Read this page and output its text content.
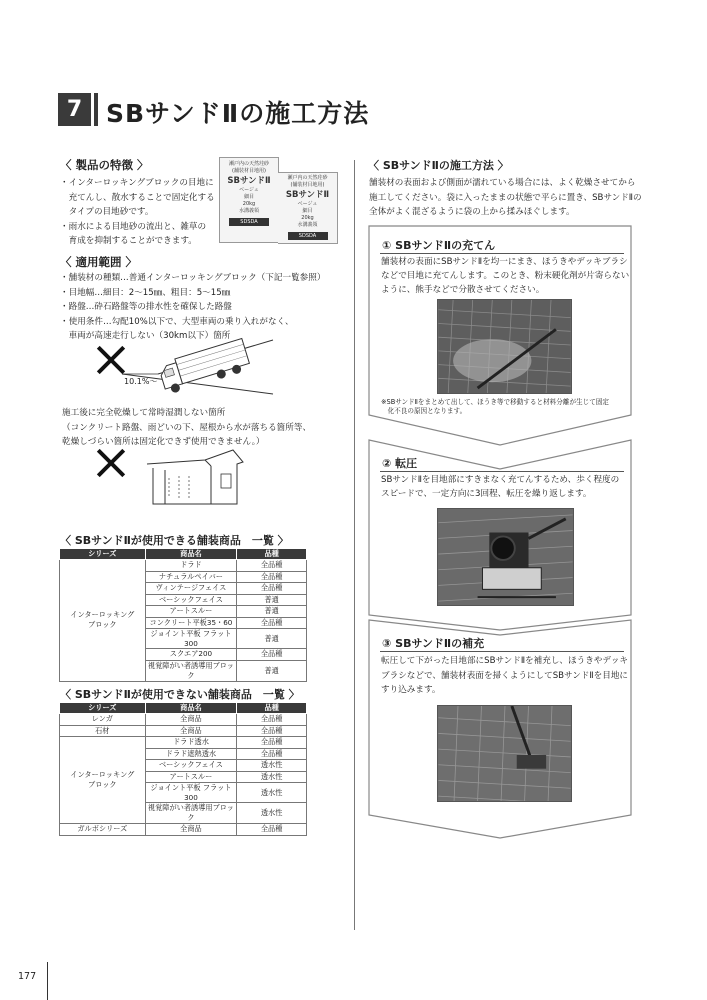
7 SBサンドⅡの施工方法
〈 製品の特徴 〉
・インターロッキングブロックの目地に
　充てんし、散水することで固定化する
　タイプの目地砂です。
・雨水による目地砂の流出と、雑草の
　育成を抑制することができます。
瀬戸内の天然珪砂
(舗装材目地用)
SBサンドⅡ
ベージュ
細目
20kg
水溝義領
SDSDA
瀬戸内の天然珪砂
(舗装材目地用)
SBサンドⅡ
ベージュ
細目
20kg
水溝義領
SDSDA
〈 適用範囲 〉
・舗装材の種類…普通インターロッキングブロック（下記一覧参照）
・目地幅…細目：2〜15㎜、粗目：5〜15㎜
・路盤…砕石路盤等の排水性を確保した路盤
・使用条件…勾配10%以下で、大型車両の乗り入れがなく、
　車両が高速走行しない（30km以下）箇所
10.1%〜
施工後に完全乾燥して常時湿潤しない箇所
（コンクリート路盤、雨どいの下、屋根から水が落ちる箇所等、
乾燥しづらい箇所は固定化できず使用できません。）
〈 SBサンドⅡが使用できる舗装商品　一覧 〉
シリーズ	商品名	品種
インターロッキング
ブロック	ドラド	全品種
	ナチュラルペイバー	全品種
	ヴィンテージフェイス	全品種
	ベーシックフェイス	普通
	アートスルー	普通
	コンクリート平板35・60	全品種
	ジョイント平板 フラット300	普通
	スクエア200	全品種
	視覚障がい者誘導用ブロック	普通
〈 SBサンドⅡが使用できない舗装商品　一覧 〉
シリーズ	商品名	品種
レンガ	全商品	全品種
石材	全商品	全品種
インターロッキング
ブロック	ドラド透水	全品種
	ドラド遮熱透水	全品種
	ベーシックフェイス	透水性
	アートスルー	透水性
	ジョイント平板 フラット300	透水性
	視覚障がい者誘導用ブロック	透水性
ガルボシリーズ	全商品	全品種
〈 SBサンドⅡの施工方法 〉
舗装材の表面および側面が濡れている場合には、よく乾燥させてから
施工してください。袋に入ったままの状態で平らに置き、SBサンドⅡの
全体がよく混ざるように袋の上から揉みほぐします。
① SBサンドⅡの充てん
舗装材の表面にSBサンドⅡを均一にまき、ほうきやデッキブラシ
などで目地に充てんします。このとき、粉末硬化剤が片寄らない
ように、熊手などで分散させてください。
※SBサンドⅡをまとめて出して、ほうき等で移動すると材料分離が生じて固定
　化不良の原因となります。
② 転圧
SBサンドⅡを目地部にすきまなく充てんするため、歩く程度の
スピードで、一定方向に3回程、転圧を繰り返します。
③ SBサンドⅡの補充
転圧して下がった目地部にSBサンドⅡを補充し、ほうきやデッキ
ブラシなどで、舗装材表面を掃くようにしてSBサンドⅡを目地に
すり込みます。
177
